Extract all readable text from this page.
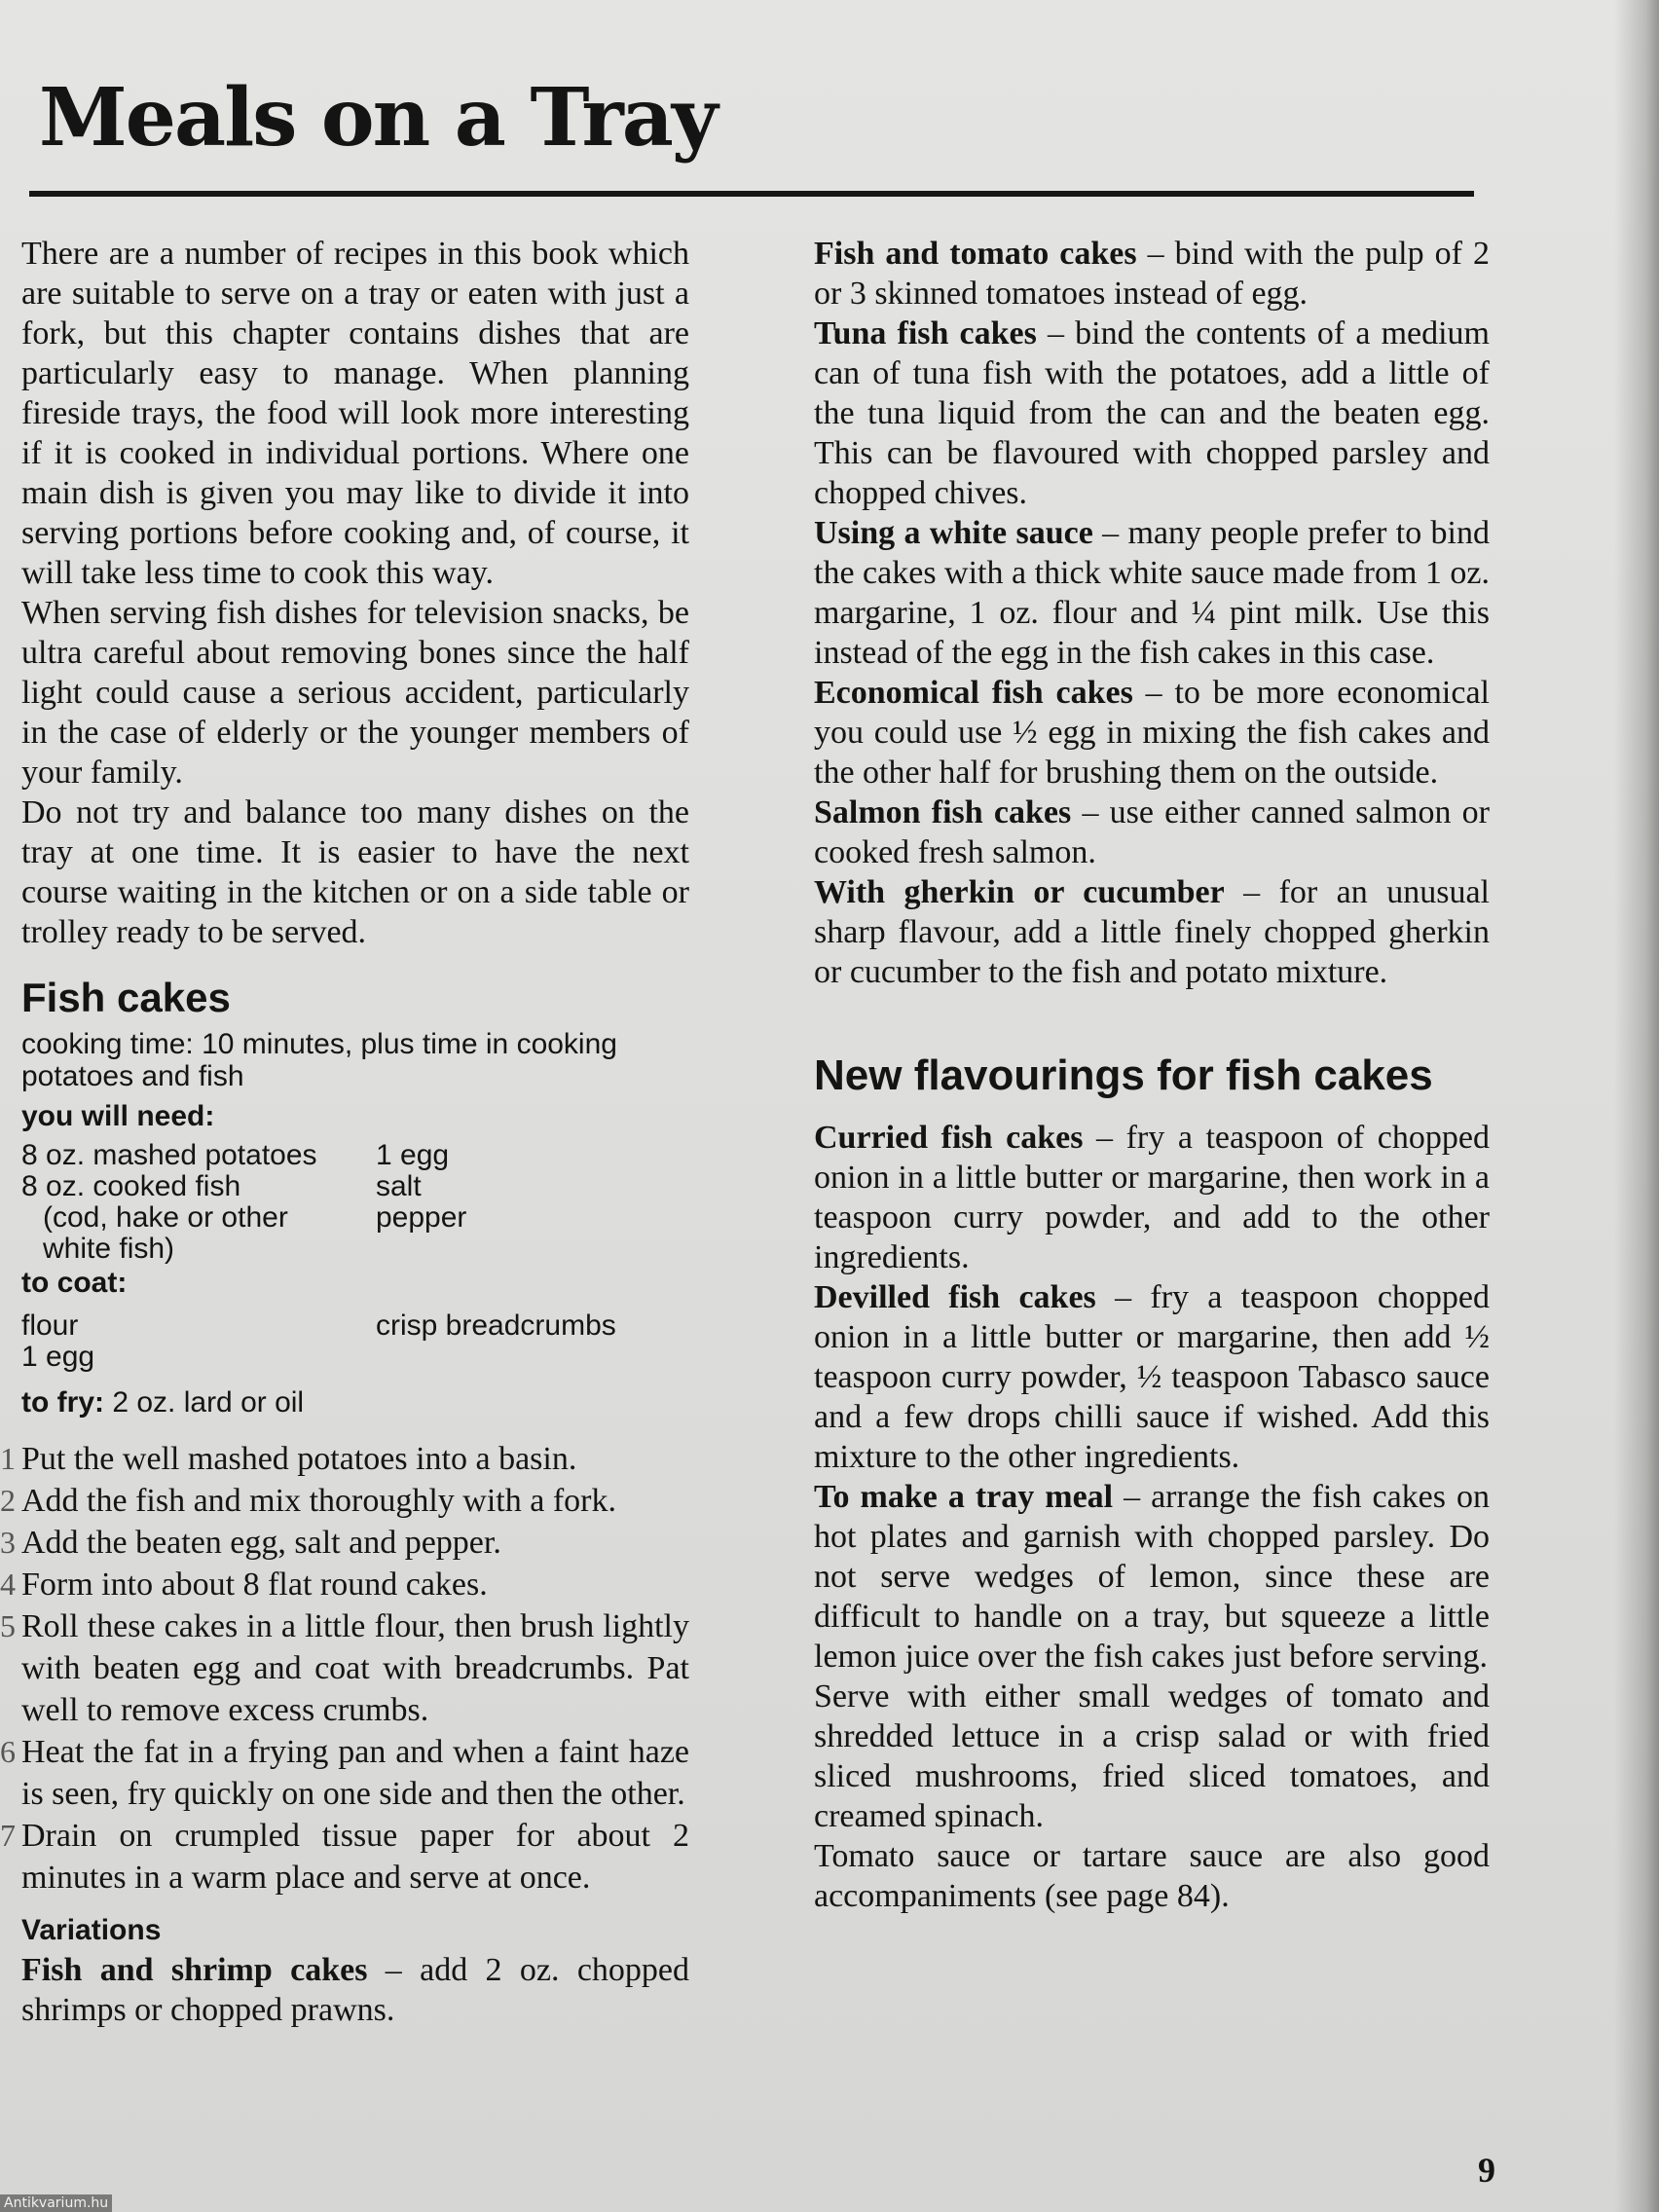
Meals on a Tray

There are a number of recipes in this book which are suitable to serve on a tray or eaten with just a fork, but this chapter contains dishes that are particularly easy to manage. When planning fireside trays, the food will look more interesting if it is cooked in individual portions. Where one main dish is given you may like to divide it into serving portions before cooking and, of course, it will take less time to cook this way.

When serving fish dishes for television snacks, be ultra careful about removing bones since the half light could cause a serious accident, particularly in the case of elderly or the younger members of your family.

Do not try and balance too many dishes on the tray at one time. It is easier to have the next course waiting in the kitchen or on a side table or trolley ready to be served.

Fish cakes

cooking time: 10 minutes, plus time in cooking potatoes and fish

you will need:

8 oz. mashed potatoes
8 oz. cooked fish
(cod, hake or other
white fish)
1 egg
salt
pepper

to coat:

flour
1 egg
crisp breadcrumbs

to fry: 2 oz. lard or oil

1 Put the well mashed potatoes into a basin.
2 Add the fish and mix thoroughly with a fork.
3 Add the beaten egg, salt and pepper.
4 Form into about 8 flat round cakes.
5 Roll these cakes in a little flour, then brush lightly with beaten egg and coat with breadcrumbs. Pat well to remove excess crumbs.
6 Heat the fat in a frying pan and when a faint haze is seen, fry quickly on one side and then the other.
7 Drain on crumpled tissue paper for about 2 minutes in a warm place and serve at once.

Variations

Fish and shrimp cakes – add 2 oz. chopped shrimps or chopped prawns.

Fish and tomato cakes – bind with the pulp of 2 or 3 skinned tomatoes instead of egg.

Tuna fish cakes – bind the contents of a medium can of tuna fish with the potatoes, add a little of the tuna liquid from the can and the beaten egg. This can be flavoured with chopped parsley and chopped chives.

Using a white sauce – many people prefer to bind the cakes with a thick white sauce made from 1 oz. margarine, 1 oz. flour and ¼ pint milk. Use this instead of the egg in the fish cakes in this case.

Economical fish cakes – to be more economical you could use ½ egg in mixing the fish cakes and the other half for brushing them on the outside.

Salmon fish cakes – use either canned salmon or cooked fresh salmon.

With gherkin or cucumber – for an unusual sharp flavour, add a little finely chopped gherkin or cucumber to the fish and potato mixture.

New flavourings for fish cakes

Curried fish cakes – fry a teaspoon of chopped onion in a little butter or margarine, then work in a teaspoon curry powder, and add to the other ingredients.

Devilled fish cakes – fry a teaspoon chopped onion in a little butter or margarine, then add ½ teaspoon curry powder, ½ teaspoon Tabasco sauce and a few drops chilli sauce if wished. Add this mixture to the other ingredients.

To make a tray meal – arrange the fish cakes on hot plates and garnish with chopped parsley. Do not serve wedges of lemon, since these are difficult to handle on a tray, but squeeze a little lemon juice over the fish cakes just before serving.

Serve with either small wedges of tomato and shredded lettuce in a crisp salad or with fried sliced mushrooms, fried sliced tomatoes, and creamed spinach.

Tomato sauce or tartare sauce are also good accompaniments (see page 84).

9
Antikvarium.hu
